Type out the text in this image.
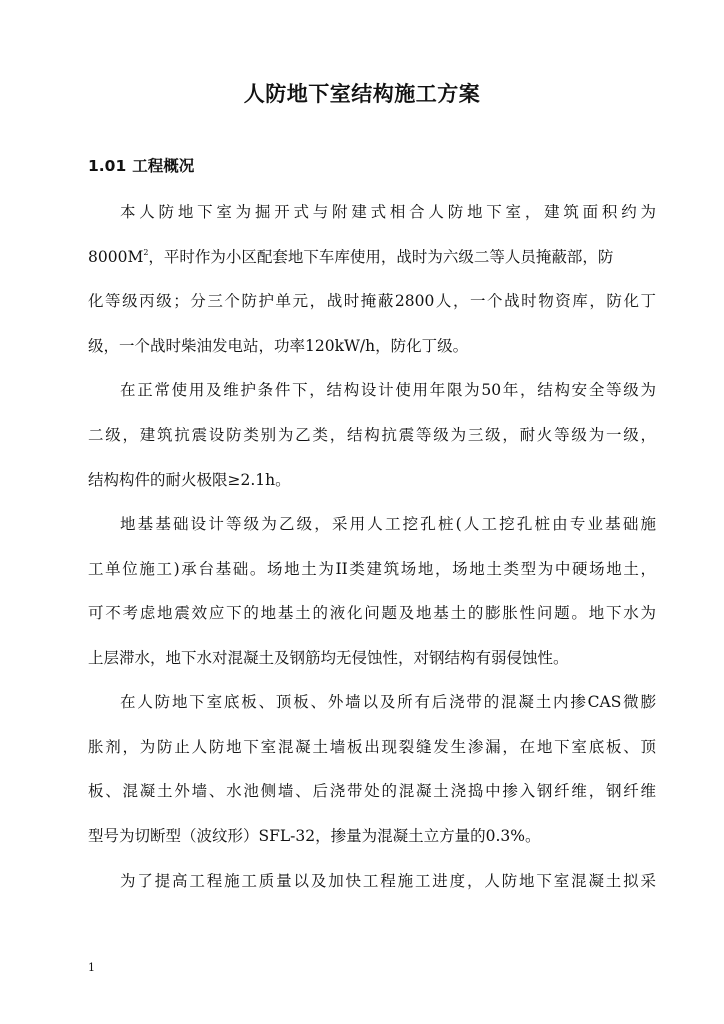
人防地下室结构施工方案
1.01 工程概况

本人防地下室为掘开式与附建式相合人防地下室，建筑面积约为

$8000M^2$，平时作为小区配套地下车库使用，战时为六级二等人员掩蔽部，防

化等级丙级；分三个防护单元，战时掩蔽2800人，一个战时物资库，防化丁

级，一个战时柴油发电站，功率120kW/h，防化丁级。

在正常使用及维护条件下，结构设计使用年限为50年，结构安全等级为

二级，建筑抗震设防类别为乙类，结构抗震等级为三级，耐火等级为一级，

结构构件的耐火极限≥2.1h。

地基基础设计等级为乙级，采用人工挖孔桩(人工挖孔桩由专业基础施

工单位施工)承台基础。场地土为II类建筑场地，场地土类型为中硬场地土，

可不考虑地震效应下的地基土的液化问题及地基土的膨胀性问题。地下水为

上层滞水，地下水对混凝土及钢筋均无侵蚀性，对钢结构有弱侵蚀性。

在人防地下室底板、顶板、外墙以及所有后浇带的混凝土内掺CAS微膨

胀剂，为防止人防地下室混凝土墙板出现裂缝发生渗漏，在地下室底板、顶

板、混凝土外墙、水池侧墙、后浇带处的混凝土浇捣中掺入钢纤维，钢纤维

型号为切断型（波纹形）SFL-32，掺量为混凝土立方量的0.3%。

为了提高工程施工质量以及加快工程施工进度，人防地下室混凝土拟采

1
